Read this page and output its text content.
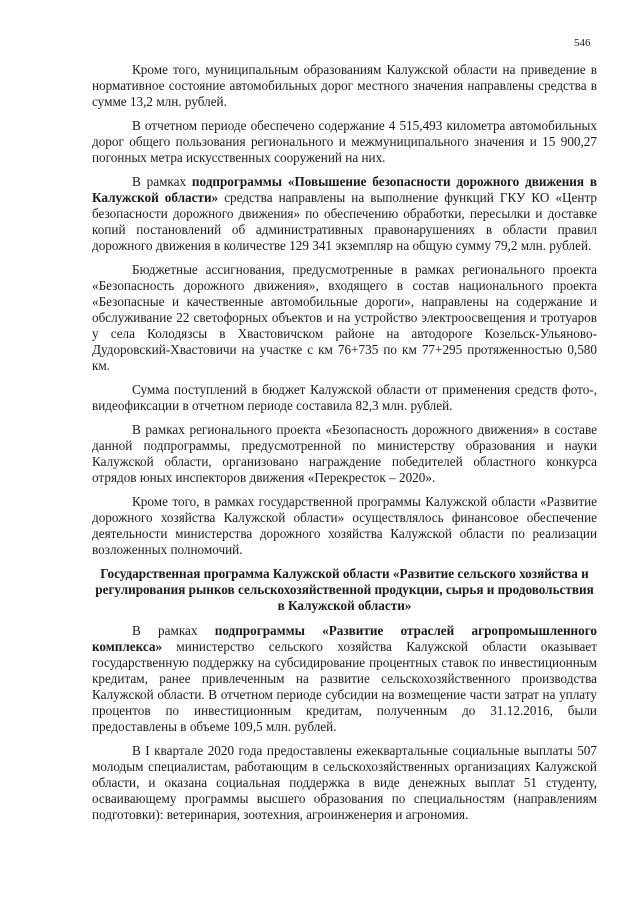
546

Кроме того, муниципальным образованиям Калужской области на приведение в нормативное состояние автомобильных дорог местного значения направлены средства в сумме 13,2 млн. рублей.

В отчетном периоде обеспечено содержание 4 515,493 километра автомобильных дорог общего пользования регионального и межмуниципального значения и 15 900,27 погонных метра искусственных сооружений на них.

В рамках подпрограммы «Повышение безопасности дорожного движения в Калужской области» средства направлены на выполнение функций ГКУ КО «Центр безопасности дорожного движения» по обеспечению обработки, пересылки и доставке копий постановлений об административных правонарушениях в области правил дорожного движения в количестве 129 341 экземпляр на общую сумму 79,2 млн. рублей.

Бюджетные ассигнования, предусмотренные в рамках регионального проекта «Безопасность дорожного движения», входящего в состав национального проекта «Безопасные и качественные автомобильные дороги», направлены на содержание и обслуживание 22 светофорных объектов и на устройство электроосвещения и тротуаров у села Колодязсы в Хвастовичском районе на автодороге Козельск-Ульяново-Дудоровский-Хвастовичи на участке с км 76+735 по км 77+295 протяженностью 0,580 км.

Сумма поступлений в бюджет Калужской области от применения средств фото-, видеофиксации в отчетном периоде составила 82,3 млн. рублей.

В рамках регионального проекта «Безопасность дорожного движения» в составе данной подпрограммы, предусмотренной по министерству образования и науки Калужской области, организовано награждение победителей областного конкурса отрядов юных инспекторов движения «Перекресток – 2020».

Кроме того, в рамках государственной программы Калужской области «Развитие дорожного хозяйства Калужской области» осуществлялось финансовое обеспечение деятельности министерства дорожного хозяйства Калужской области по реализации возложенных полномочий.

Государственная программа Калужской области «Развитие сельского хозяйства и регулирования рынков сельскохозяйственной продукции, сырья и продовольствия в Калужской области»

В рамках подпрограммы «Развитие отраслей агропромышленного комплекса» министерство сельского хозяйства Калужской области оказывает государственную поддержку на субсидирование процентных ставок по инвестиционным кредитам, ранее привлеченным на развитие сельскохозяйственного производства Калужской области. В отчетном периоде субсидии на возмещение части затрат на уплату процентов по инвестиционным кредитам, полученным до 31.12.2016, были предоставлены в объеме 109,5 млн. рублей.

В I квартале 2020 года предоставлены ежеквартальные социальные выплаты 507 молодым специалистам, работающим в сельскохозяйственных организациях Калужской области, и оказана социальная поддержка в виде денежных выплат 51 студенту, осваивающему программы высшего образования по специальностям (направлениям подготовки): ветеринария, зоотехния, агроинженерия и агрономия.
